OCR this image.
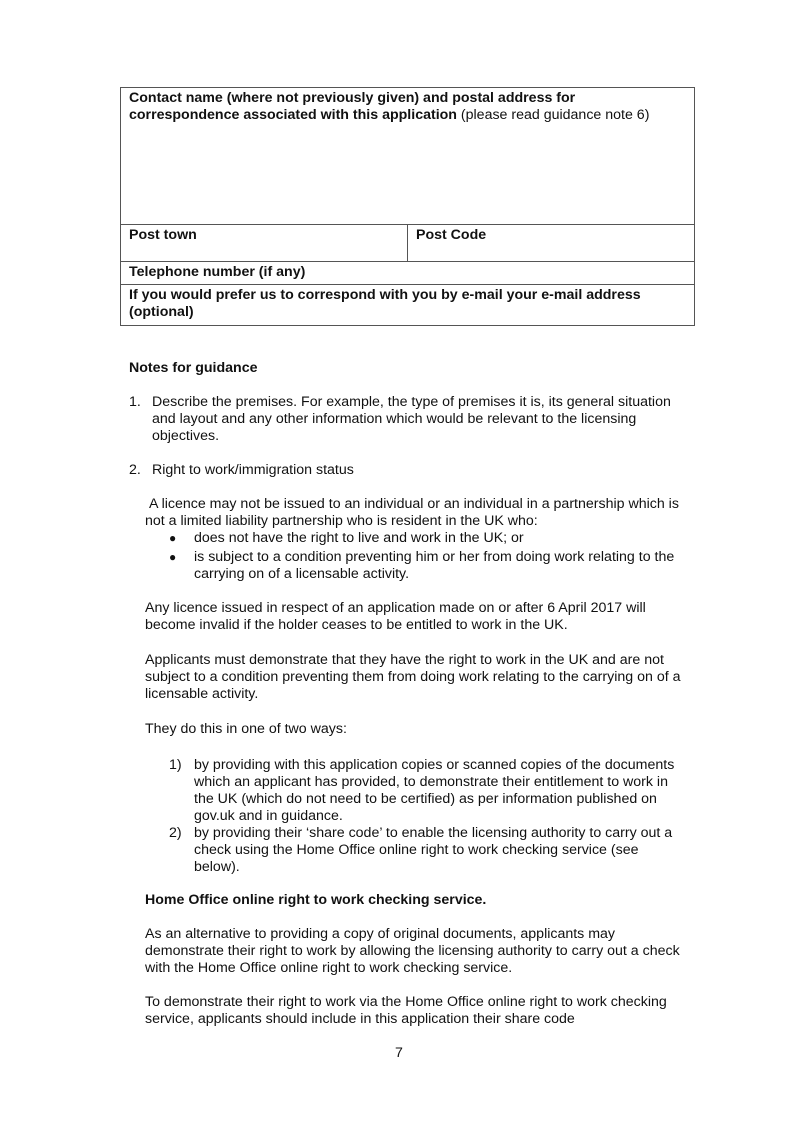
Contact name (where not previously given) and postal address for correspondence associated with this application (please read guidance note 6)
Post town	Post Code
Telephone number (if any)
If you would prefer us to correspond with you by e-mail your e-mail address (optional)
Notes for guidance
1. Describe the premises. For example, the type of premises it is, its general situation and layout and any other information which would be relevant to the licensing objectives.
2. Right to work/immigration status
A licence may not be issued to an individual or an individual in a partnership which is not a limited liability partnership who is resident in the UK who:
● does not have the right to live and work in the UK; or
● is subject to a condition preventing him or her from doing work relating to the carrying on of a licensable activity.
Any licence issued in respect of an application made on or after 6 April 2017 will become invalid if the holder ceases to be entitled to work in the UK.
Applicants must demonstrate that they have the right to work in the UK and are not subject to a condition preventing them from doing work relating to the carrying on of a licensable activity.
They do this in one of two ways:
1) by providing with this application copies or scanned copies of the documents which an applicant has provided, to demonstrate their entitlement to work in the UK (which do not need to be certified) as per information published on gov.uk and in guidance.
2) by providing their ‘share code’ to enable the licensing authority to carry out a check using the Home Office online right to work checking service (see below).
Home Office online right to work checking service.
As an alternative to providing a copy of original documents, applicants may demonstrate their right to work by allowing the licensing authority to carry out a check with the Home Office online right to work checking service.
To demonstrate their right to work via the Home Office online right to work checking service, applicants should include in this application their share code
7
